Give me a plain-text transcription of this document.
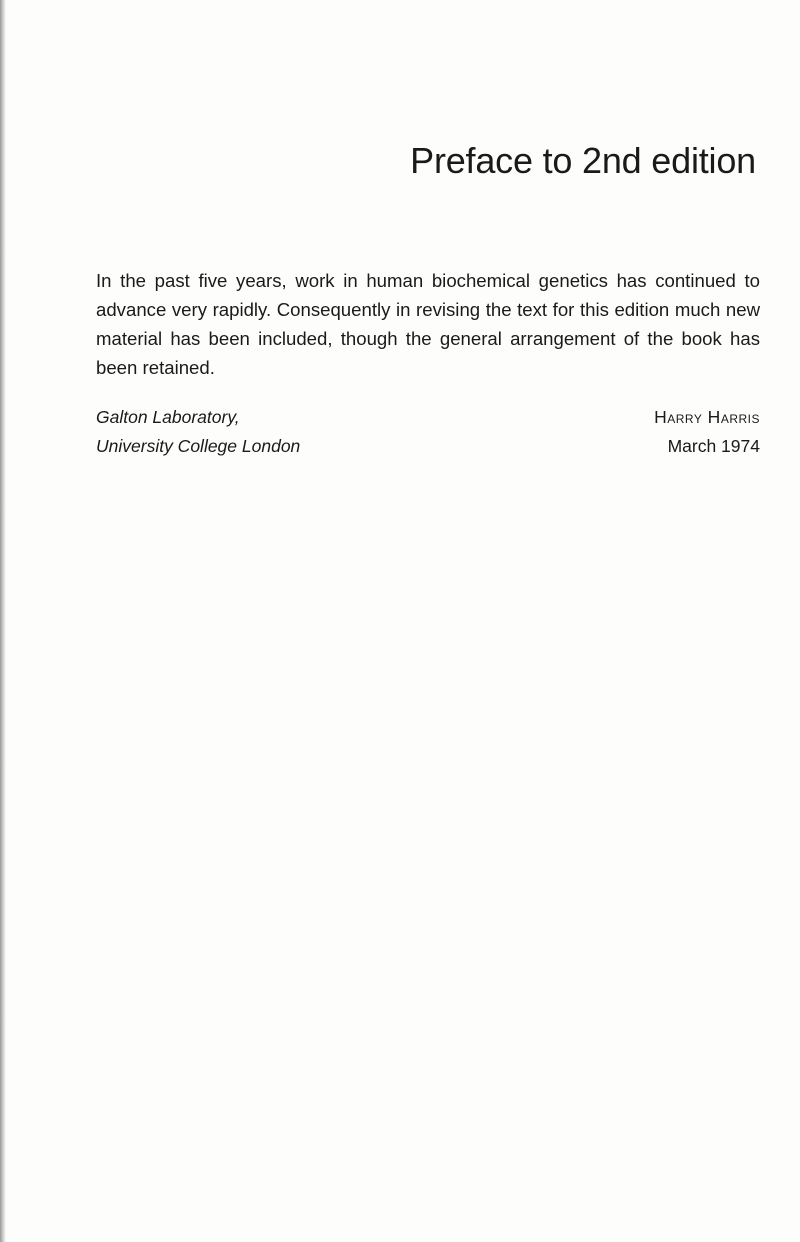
Preface to 2nd edition

In the past five years, work in human biochemical genetics has continued to advance very rapidly. Consequently in revising the text for this edition much new material has been included, though the general arrangement of the book has been retained.

Galton Laboratory,
University College London
Harry Harris
March 1974
